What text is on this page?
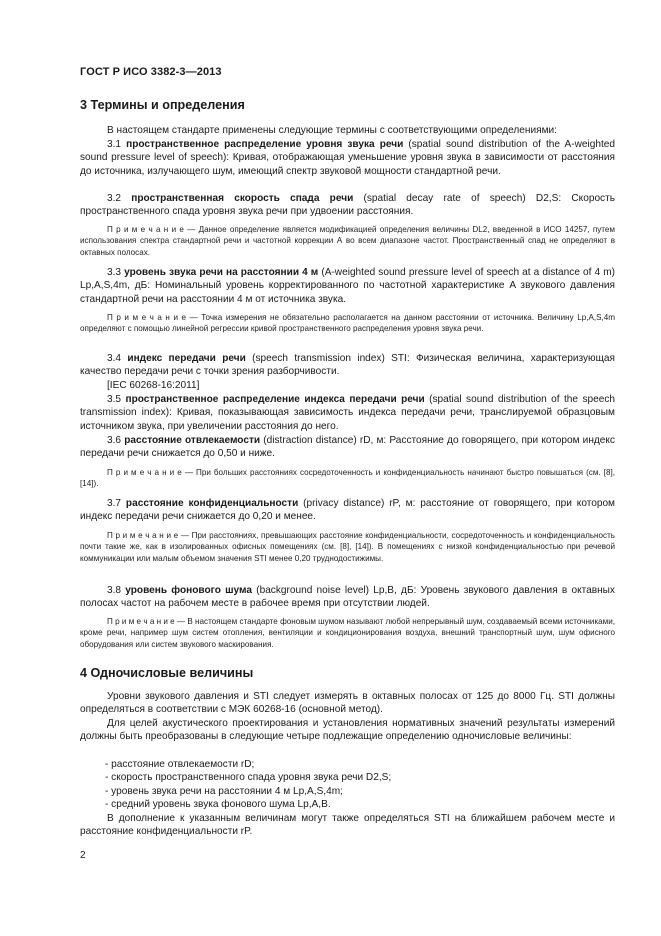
ГОСТ Р ИСО 3382-3—2013
3 Термины и определения
В настоящем стандарте применены следующие термины с соответствующими определениями:
3.1 пространственное распределение уровня звука речи (spatial sound distribution of the A-weighted sound pressure level of speech): Кривая, отображающая уменьшение уровня звука в зависимости от расстояния до источника, излучающего шум, имеющий спектр звуковой мощности стандартной речи.
3.2 пространственная скорость спада речи (spatial decay rate of speech) D2,S: Скорость пространственного спада уровня звука речи при удвоении расстояния.
П р и м е ч а н и е — Данное определение является модификацией определения величины DL2, введенной в ИСО 14257, путем использования спектра стандартной речи и частотной коррекции А во всем диапазоне частот. Пространственный спад не определяют в октавных полосах.
3.3 уровень звука речи на расстоянии 4 м (A-weighted sound pressure level of speech at a distance of 4 m) Lp,A,S,4m, дБ: Номинальный уровень корректированного по частотной характеристике A звукового давления стандартной речи на расстоянии 4 м от источника звука.
П р и м е ч а н и е — Точка измерения не обязательно располагается на данном расстоянии от источника. Величину Lp,A,S,4m определяют с помощью линейной регрессии кривой пространственного распределения уровня звука речи.
3.4 индекс передачи речи (speech transmission index) STI: Физическая величина, характеризующая качество передачи речи с точки зрения разборчивости.
[IEC 60268-16:2011]
3.5 пространственное распределение индекса передачи речи (spatial sound distribution of the speech transmission index): Кривая, показывающая зависимость индекса передачи речи, транслируемой образцовым источником звука, при увеличении расстояния до него.
3.6 расстояние отвлекаемости (distraction distance) rD, м: Расстояние до говорящего, при котором индекс передачи речи снижается до 0,50 и ниже.
П р и м е ч а н и е — При больших расстояниях сосредоточенность и конфиденциальность начинают быстро повышаться (см. [8], [14]).
3.7 расстояние конфиденциальности (privacy distance) rP, м: расстояние от говорящего, при котором индекс передачи речи снижается до 0,20 и менее.
П р и м е ч а н и е — При расстояниях, превышающих расстояние конфиденциальности, сосредоточенность и конфиденциальность почти такие же, как в изолированных офисных помещениях (см. [8], [14]). В помещениях с низкой конфиденциальностью при речевой коммуникации или малым объемом значения STI менее 0,20 труднодостижимы.
3.8 уровень фонового шума (background noise level) Lp,B, дБ: Уровень звукового давления в октавных полосах частот на рабочем месте в рабочее время при отсутствии людей.
П р и м е ч а н и е — В настоящем стандарте фоновым шумом называют любой непрерывный шум, создаваемый всеми источниками, кроме речи, например шум систем отопления, вентиляции и кондиционирования воздуха, внешний транспортный шум, шум офисного оборудования или систем звукового маскирования.
4 Одночисловые величины
Уровни звукового давления и STI следует измерять в октавных полосах от 125 до 8000 Гц. STI должны определяться в соответствии с МЭК 60268-16 (основной метод).
Для целей акустического проектирования и установления нормативных значений результаты измерений должны быть преобразованы в следующие четыре подлежащие определению одночисловые величины:
- расстояние отвлекаемости rD;
- скорость пространственного спада уровня звука речи D2,S;
- уровень звука речи на расстоянии 4 м Lp,A,S,4m;
- средний уровень звука фонового шума Lp,A,B.
В дополнение к указанным величинам могут также определяться STI на ближайшем рабочем месте и расстояние конфиденциальности rP.
2
